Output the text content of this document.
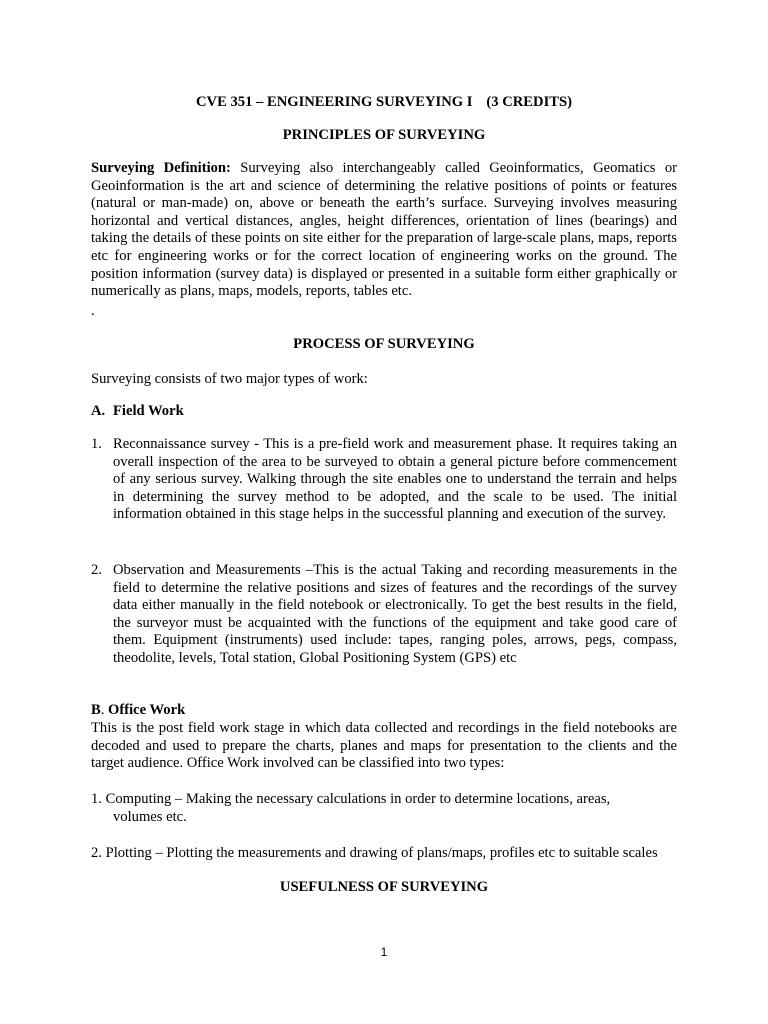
CVE 351 – ENGINEERING SURVEYING I (3 CREDITS)
PRINCIPLES OF SURVEYING
Surveying Definition: Surveying also interchangeably called Geoinformatics, Geomatics or Geoinformation is the art and science of determining the relative positions of points or features (natural or man-made) on, above or beneath the earth’s surface. Surveying involves measuring horizontal and vertical distances, angles, height differences, orientation of lines (bearings) and taking the details of these points on site either for the preparation of large-scale plans, maps, reports etc for engineering works or for the correct location of engineering works on the ground. The position information (survey data) is displayed or presented in a suitable form either graphically or numerically as plans, maps, models, reports, tables etc.
.
PROCESS OF SURVEYING
Surveying consists of two major types of work:
A. Field Work
1. Reconnaissance survey - This is a pre-field work and measurement phase. It requires taking an overall inspection of the area to be surveyed to obtain a general picture before commencement of any serious survey. Walking through the site enables one to understand the terrain and helps in determining the survey method to be adopted, and the scale to be used. The initial information obtained in this stage helps in the successful planning and execution of the survey.
2. Observation and Measurements –This is the actual Taking and recording measurements in the field to determine the relative positions and sizes of features and the recordings of the survey data either manually in the field notebook or electronically. To get the best results in the field, the surveyor must be acquainted with the functions of the equipment and take good care of them. Equipment (instruments) used include: tapes, ranging poles, arrows, pegs, compass, theodolite, levels, Total station, Global Positioning System (GPS) etc
B. Office Work
This is the post field work stage in which data collected and recordings in the field notebooks are decoded and used to prepare the charts, planes and maps for presentation to the clients and the target audience. Office Work involved can be classified into two types:
1. Computing – Making the necessary calculations in order to determine locations, areas,
volumes etc.
2. Plotting – Plotting the measurements and drawing of plans/maps, profiles etc to suitable scales
USEFULNESS OF SURVEYING
1
